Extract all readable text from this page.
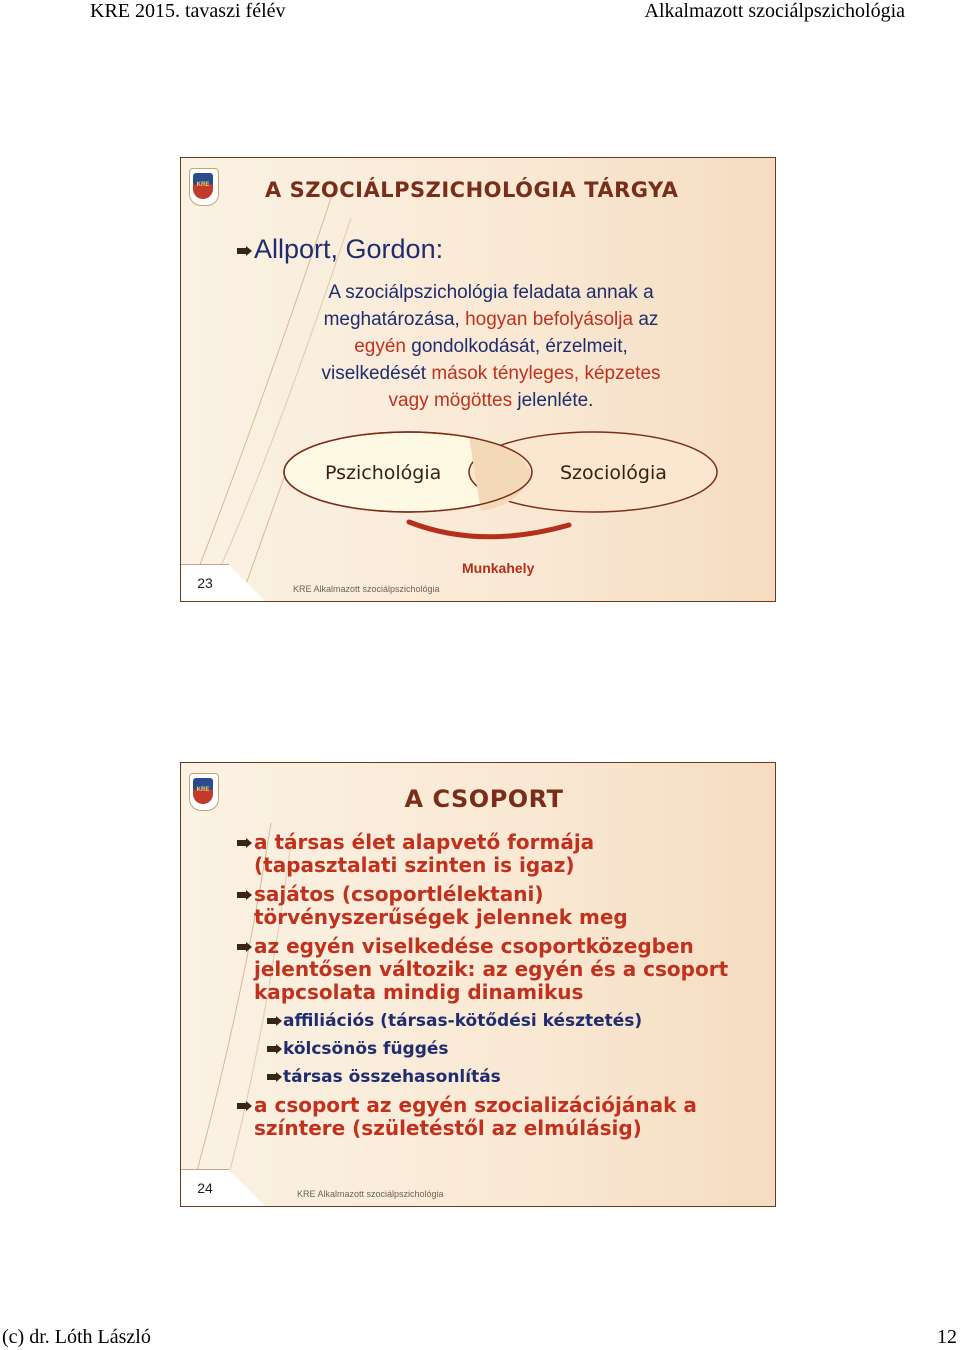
KRE 2015. tavaszi félév	Alkalmazott szociálpszichológia
KRE	A SZOCIÁLPSZICHOLÓGIA TÁRGYA
Allport, Gordon:
A szociálpszichológia feladata annak a
meghatározása, hogyan befolyásolja az
egyén gondolkodását, érzelmeit,
viselkedését mások tényleges, képzetes
vagy mögöttes jelenléte.
Pszichológia	Szociológia
Munkahely
23	KRE Alkalmazott szociálpszichológia
KRE	A CSOPORT
a társas élet alapvető formája (tapasztalati szinten is igaz)
sajátos (csoportlélektani) törvényszerűségek jelennek meg
az egyén viselkedése csoportközegben jelentősen változik: az egyén és a csoport kapcsolata mindig dinamikus
affiliációs (társas-kötődési késztetés)
kölcsönös függés
társas összehasonlítás
a csoport az egyén szocializációjának a színtere (születéstől az elmúlásig)
24	KRE Alkalmazott szociálpszichológia
(c) dr. Lóth László	12
